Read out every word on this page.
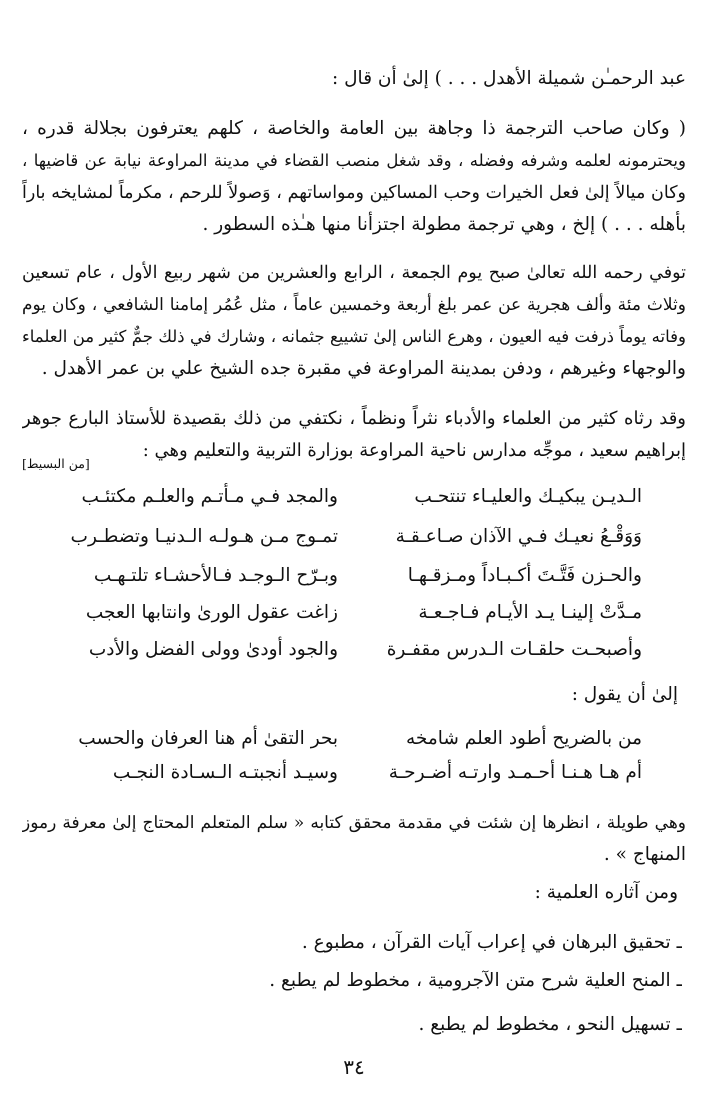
عبد الرحمـٰن شميلة الأهدل . . . ) إلىٰ أن قال :
( وكان صاحب الترجمة ذا وجاهة بين العامة والخاصة ، كلهم يعترفون بجلالة قدره ،
ويحترمونه لعلمه وشرفه وفضله ، وقد شغل منصب القضاء في مدينة المراوعة نيابة عن قاضيها ،
وكان ميالاً إلىٰ فعل الخيرات وحب المساكين ومواساتهم ، وَصولاً للرحم ، مكرماً لمشايخه باراً
بأهله . . . ) إلخ ، وهي ترجمة مطولة اجتزأنا منها هـٰذه السطور .
توفي رحمه الله تعالىٰ صبح يوم الجمعة ، الرابع والعشرين من شهر ربيع الأول ، عام تسعين
وثلاث مئة وألف هجرية عن عمر بلغ أربعة وخمسين عاماً ، مثل عُمُر إمامنا الشافعي ، وكان يوم
وفاته يوماً ذرفت فيه العيون ، وهرع الناس إلىٰ تشييع جثمانه ، وشارك في ذلك جمٌّ كثير من العلماء
والوجهاء وغيرهم ، ودفن بمدينة المراوعة في مقبرة جده الشيخ علي بن عمر الأهدل .
وقد رثاه كثير من العلماء والأدباء نثراً ونظماً ، نكتفي من ذلك بقصيدة للأستاذ البارع جوهر
إبراهيم سعيد ، موجِّه مدارس ناحية المراوعة بوزارة التربية والتعليم وهي :
[من البسيط]
الـديـن يبكيـك والعليـاء تنتحـب
والمجد فـي مـأتـم والعلـم مكتئـب
وَوَقْـعُ نعيـك فـي الآذان صـاعـقـة
تمـوج مـن هـولـه الـدنيـا وتضطـرب
والحـزن فَتَّـتَ أكـبـاداً ومـزقـهـا
وبـرّح الـوجـد فـالأحشـاء تلتـهـب
مـدَّتْ إلينـا يـد الأيـام فـاجـعـة
زاغت عقول الورىٰ وانتابها العجب
وأصبحـت حلقـات الـدرس مقفـرة
والجود أودىٰ وولى الفضل والأدب
إلىٰ أن يقول :
من بالضريح أطود العلم شامخه
بحر التقىٰ أم هنا العرفان والحسب
أم هـا هـنـا أحـمـد وارتـه أضـرحـة
وسيـد أنجبتـه الـسـادة النجـب
وهي طويلة ، انظرها إن شئت في مقدمة محقق كتابه « سلم المتعلم المحتاج إلىٰ معرفة رموز
المنهاج » .
ومن آثاره العلمية :
ـ تحقيق البرهان في إعراب آيات القرآن ، مطبوع .
ـ المنح العلية شرح متن الآجرومية ، مخطوط لم يطبع .
ـ تسهيل النحو ، مخطوط لم يطبع .
٣٤
